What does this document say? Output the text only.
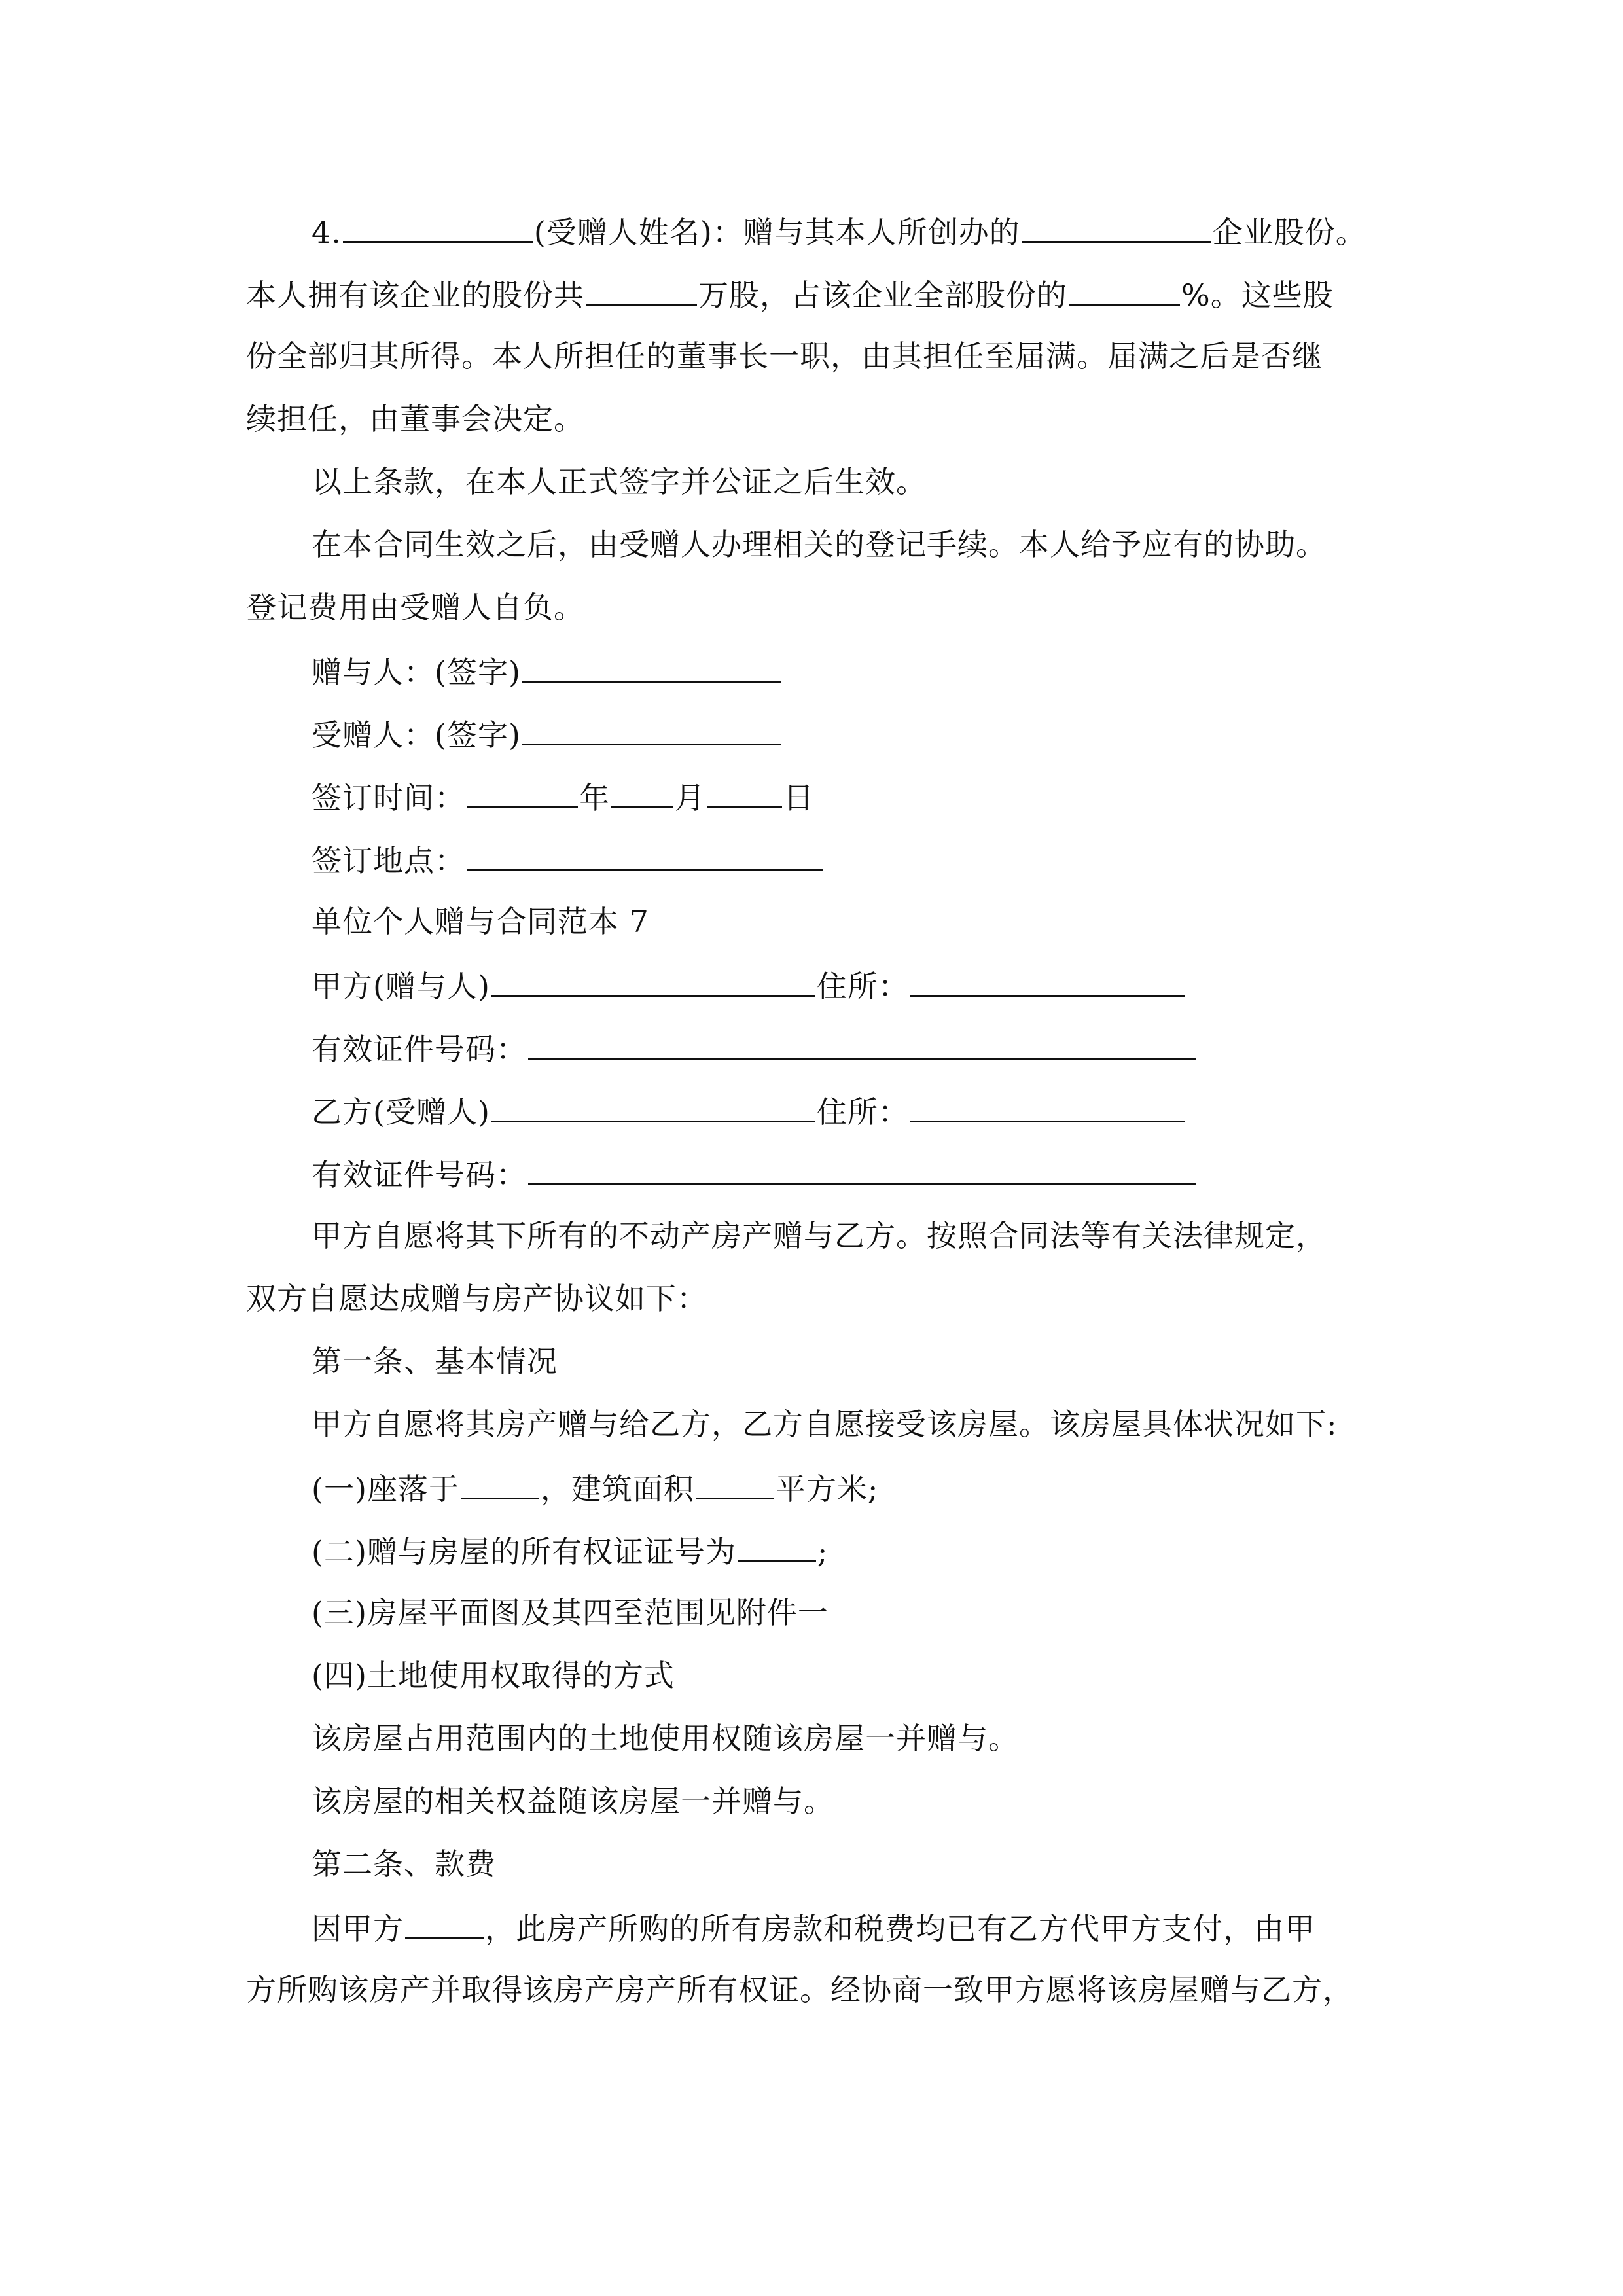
4.	(受赠人姓名)：赠与其本人所创办的	企业股份。
本人拥有该企业的股份共	万股，占该企业全部股份的	%。这些股
份全部归其所得。本人所担任的董事长一职，由其担任至届满。届满之后是否继
续担任，由董事会决定。
以上条款，在本人正式签字并公证之后生效。
在本合同生效之后，由受赠人办理相关的登记手续。本人给予应有的协助。
登记费用由受赠人自负。
赠与人：(签字)
受赠人：(签字)
签订时间：	年 月	日
签订地点：
单位个人赠与合同范本 7
甲方(赠与人)	住所：
有效证件号码：
乙方(受赠人)	住所：
有效证件号码：
甲方自愿将其下所有的不动产房产赠与乙方。按照合同法等有关法律规定，
双方自愿达成赠与房产协议如下：
第一条、基本情况
甲方自愿将其房产赠与给乙方，乙方自愿接受该房屋。该房屋具体状况如下:
(一)座落于	，建筑面积	平方米;
(二)赠与房屋的所有权证证号为	;
(三)房屋平面图及其四至范围见附件一
(四)土地使用权取得的方式
该房屋占用范围内的土地使用权随该房屋一并赠与。
该房屋的相关权益随该房屋一并赠与。
第二条、款费
因甲方	，此房产所购的所有房款和税费均已有乙方代甲方支付，由甲
方所购该房产并取得该房产房产所有权证。经协商一致甲方愿将该房屋赠与乙方，
